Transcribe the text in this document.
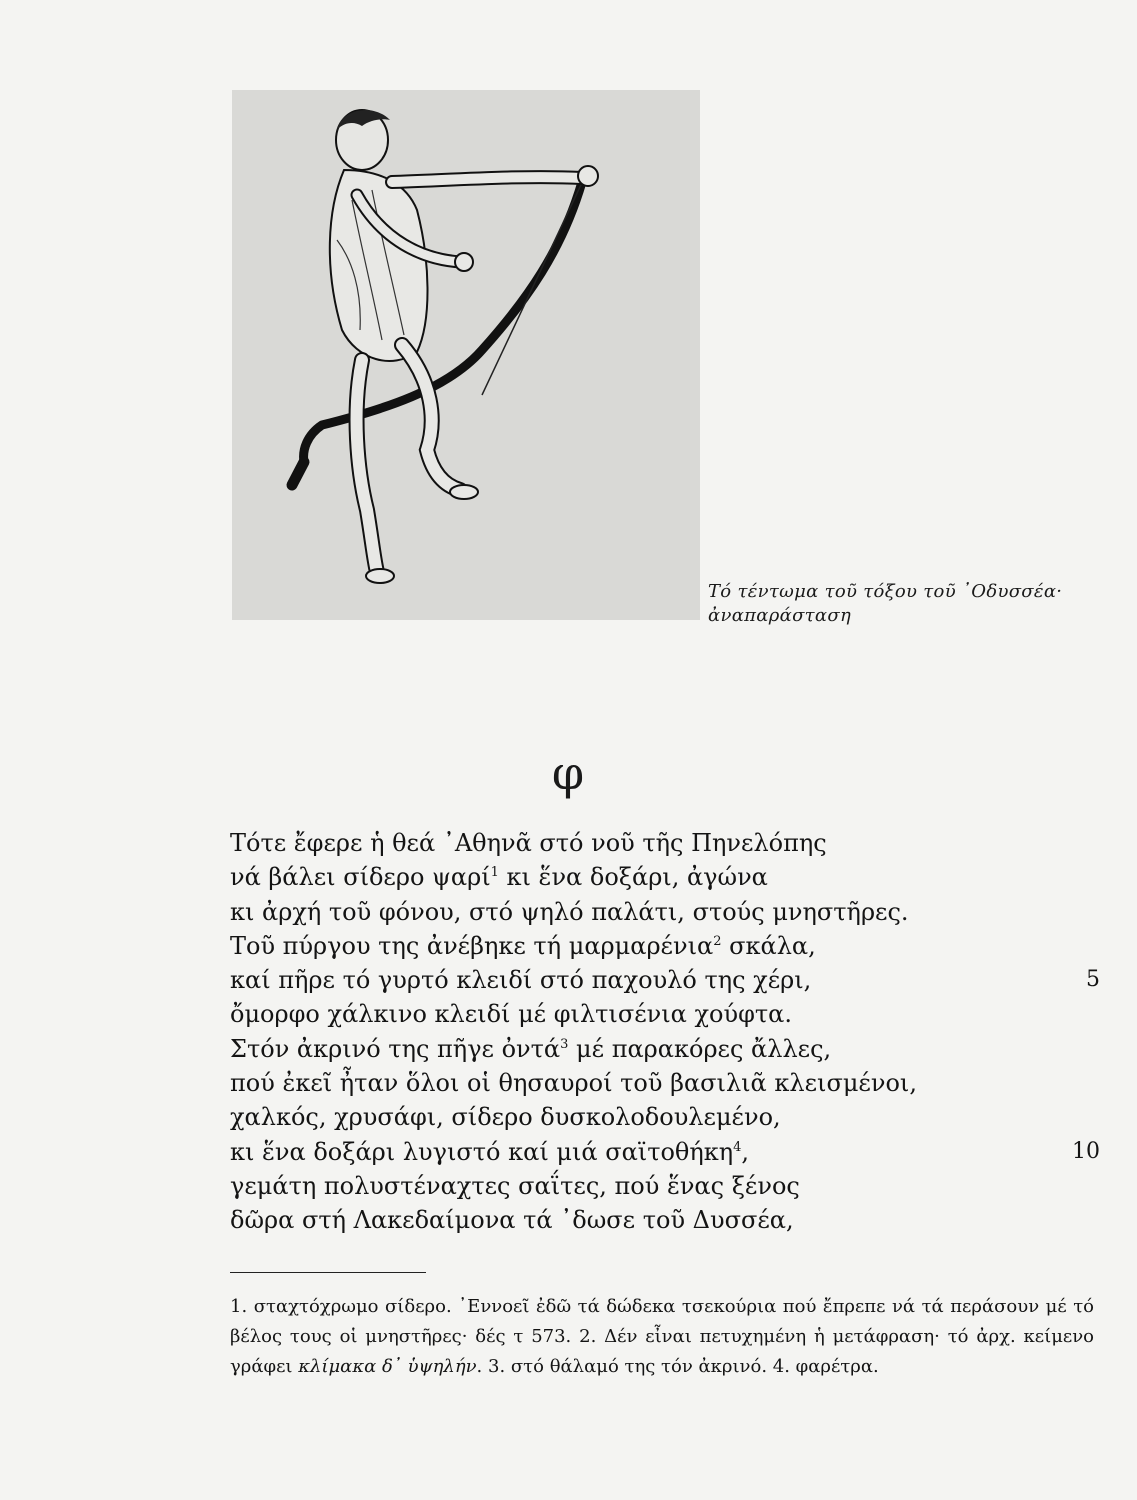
Τό τέντωμα τοῦ τόξου τοῦ ᾿Οδυσσέα·
ἀναπαράσταση
φ
Τότε ἔφερε ἡ θεά ᾿Αθηνᾶ στό νοῦ τῆς Πηνελόπης
νά βάλει σίδερο ψαρί$^1$ κι ἕνα δοξάρι, ἀγώνα
κι ἀρχή τοῦ φόνου, στό ψηλό παλάτι, στούς μνηστῆρες.
Τοῦ πύργου της ἀνέβηκε τή μαρμαρένια$^2$ σκάλα,
καί πῆρε τό γυρτό κλειδί στό παχουλό της χέρι,	5
ὄμορφο χάλκινο κλειδί μέ φιλτισένια χούφτα.
Στόν ἀκρινό της πῆγε ὀντά$^3$ μέ παρακόρες ἄλλες,
πού ἐκεῖ ἦταν ὅλοι οἱ θησαυροί τοῦ βασιλιᾶ κλεισμένοι,
χαλκός, χρυσάφι, σίδερο δυσκολοδουλεμένο,
κι ἕνα δοξάρι λυγιστό καί μιά σαϊτοθήκη$^4$,	10
γεμάτη πολυστέναχτες σαΐτες, πού ἕνας ξένος
δῶρα στή Λακεδαίμονα τά ᾿δωσε τοῦ Δυσσέα,
1. σταχτόχρωμο σίδερο. ᾿Εννοεῖ ἐδῶ τά δώδεκα τσεκούρια πού ἔπρεπε νά τά περάσουν μέ τό βέλος τους οἱ μνηστῆρες· δές τ 573. 2. Δέν εἶναι πετυχημένη ἡ μετάφραση· τό ἀρχ. κείμενο γράφει κλίμακα δ᾿ ὑψηλήν. 3. στό θάλαμό της τόν ἀκρινό. 4. φαρέτρα.
